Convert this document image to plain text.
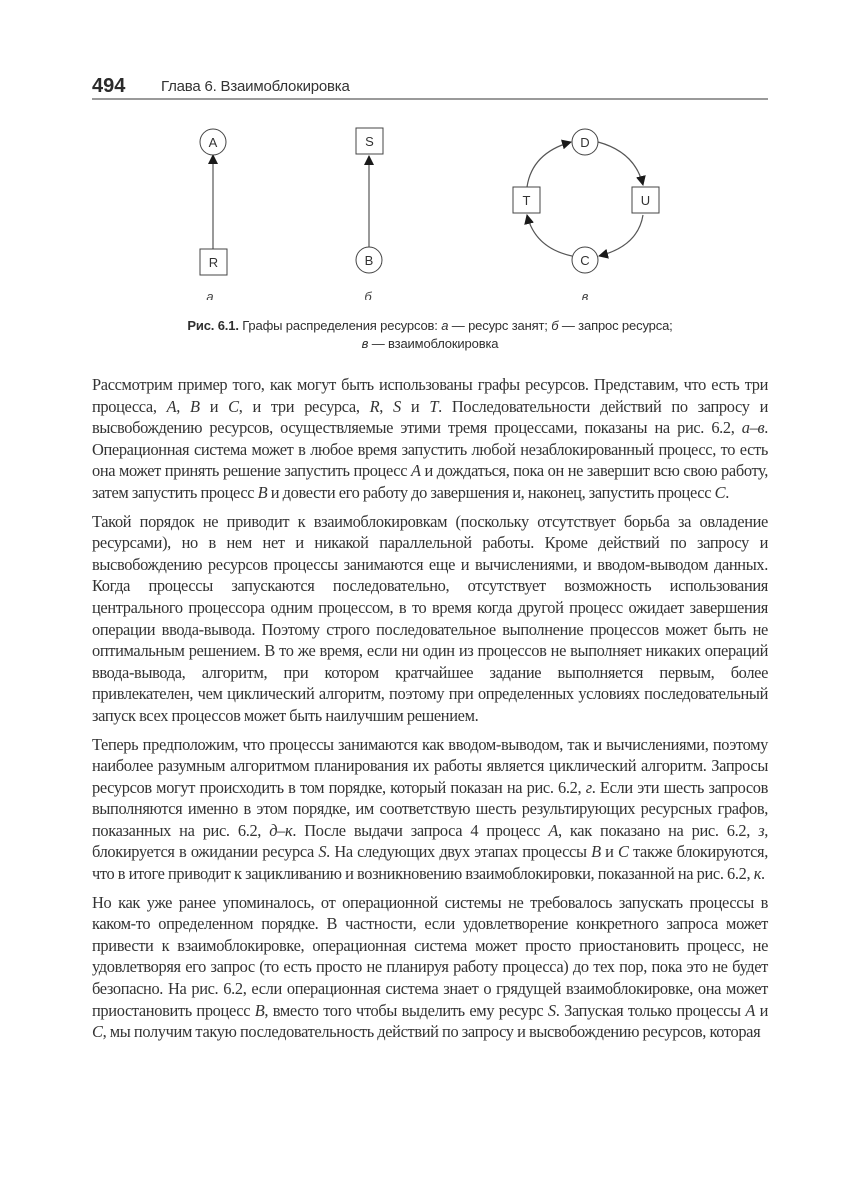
494 Глава 6. Взаимоблокировка
A
R
а
S
B
б
D
U
C
T
в
Рис. 6.1. Графы распределения ресурсов: а — ресурс занят; б — запрос ресурса;
в — взаимоблокировка

Рассмотрим пример того, как могут быть использованы графы ресурсов. Представим, что есть три процесса, A, B и C, и три ресурса, R, S и T. Последовательности действий по запросу и высвобождению ресурсов, осуществляемые этими тремя процессами, показаны на рис. 6.2, а–в. Операционная система может в любое время запустить любой незаблокированный процесс, то есть она может принять решение запустить процесс A и дождаться, пока он не завершит всю свою работу, затем запустить процесс B и довести его работу до завершения и, наконец, запустить процесс C.

Такой порядок не приводит к взаимоблокировкам (поскольку отсутствует борьба за овладение ресурсами), но в нем нет и никакой параллельной работы. Кроме действий по запросу и высвобождению ресурсов процессы занимаются еще и вычислениями, и вводом-выводом данных. Когда процессы запускаются последовательно, отсутствует возможность использования центрального процессора одним процессом, в то время когда другой процесс ожидает завершения операции ввода-вывода. Поэтому строго последовательное выполнение процессов может быть не оптимальным решением. В то же время, если ни один из процессов не выполняет никаких операций ввода-вывода, алгоритм, при котором кратчайшее задание выполняется первым, более привлекателен, чем циклический алгоритм, поэтому при определенных условиях последовательный запуск всех процессов может быть наилучшим решением.

Теперь предположим, что процессы занимаются как вводом-выводом, так и вычислениями, поэтому наиболее разумным алгоритмом планирования их работы является циклический алгоритм. Запросы ресурсов могут происходить в том порядке, который показан на рис. 6.2, г. Если эти шесть запросов выполняются именно в этом порядке, им соответствую шесть результирующих ресурсных графов, показанных на рис. 6.2, д–к. После выдачи запроса 4 процесс A, как показано на рис. 6.2, з, блокируется в ожидании ресурса S. На следующих двух этапах процессы B и C также блокируются, что в итоге приводит к зацикливанию и возникновению взаимоблокировки, показанной на рис. 6.2, к.

Но как уже ранее упоминалось, от операционной системы не требовалось запускать процессы в каком-то определенном порядке. В частности, если удовлетворение конкретного запроса может привести к взаимоблокировке, операционная система может просто приостановить процесс, не удовлетворяя его запрос (то есть просто не планируя работу процесса) до тех пор, пока это не будет безопасно. На рис. 6.2, если операционная система знает о грядущей взаимоблокировке, она может приостановить процесс B, вместо того чтобы выделить ему ресурс S. Запуская только процессы A и C, мы получим такую последовательность действий по запросу и высвобождению ресурсов, которая
